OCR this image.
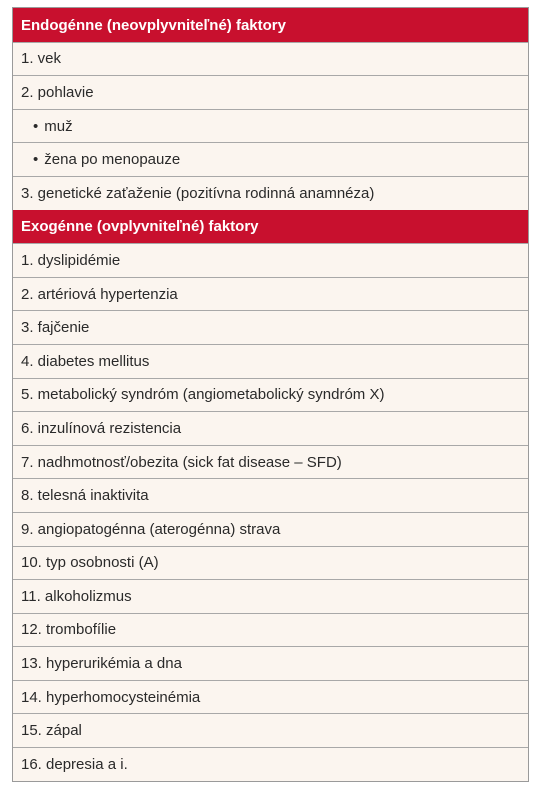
Endogénne (neovplyvniteľné) faktory
1. vek
2. pohlavie
• muž
• žena po menopauze
3. genetické zaťaženie (pozitívna rodinná anamnéza)
Exogénne (ovplyvniteľné) faktory
1. dyslipidémie
2. artériová hypertenzia
3. fajčenie
4. diabetes mellitus
5. metabolický syndróm (angiometabolický syndróm X)
6. inzulínová rezistencia
7. nadhmotnosť/obezita (sick fat disease – SFD)
8. telesná inaktivita
9. angiopatogénna (aterogénna) strava
10. typ osobnosti (A)
11. alkoholizmus
12. trombofílie
13. hyperurikémia a dna
14. hyperhomocysteinémia
15. zápal
16. depresia a i.
